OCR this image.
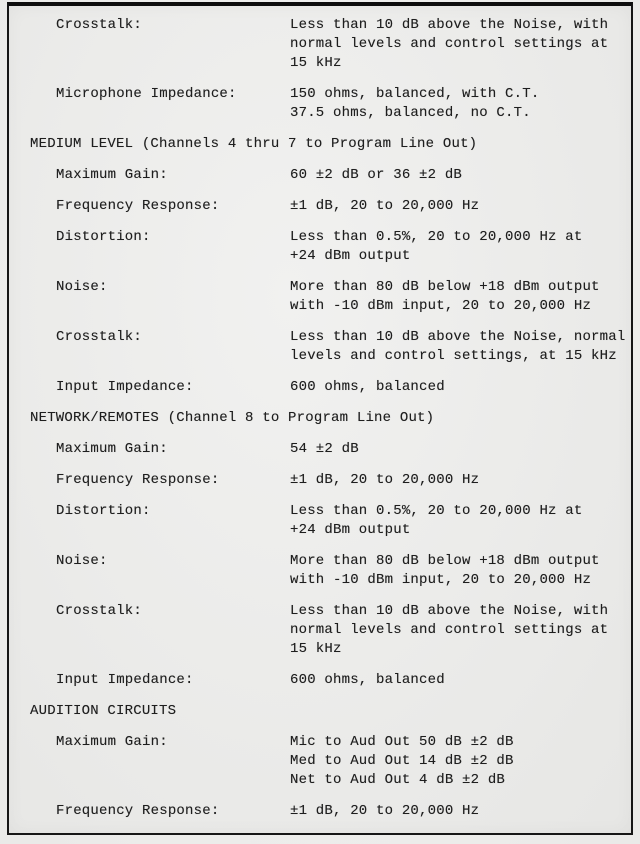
Crosstalk:	Less than 10 dB above the Noise, with
normal levels and control settings at
15 kHz
Microphone Impedance:	150 ohms, balanced, with C.T.
37.5 ohms, balanced, no C.T.
MEDIUM LEVEL (Channels 4 thru 7 to Program Line Out)
Maximum Gain:	60 ±2 dB or 36 ±2 dB
Frequency Response:	±1 dB, 20 to 20,000 Hz
Distortion:	Less than 0.5%, 20 to 20,000 Hz at
+24 dBm output
Noise:	More than 80 dB below +18 dBm output
with -10 dBm input, 20 to 20,000 Hz
Crosstalk:	Less than 10 dB above the Noise, normal
levels and control settings, at 15 kHz
Input Impedance:	600 ohms, balanced
NETWORK/REMOTES (Channel 8 to Program Line Out)
Maximum Gain:	54 ±2 dB
Frequency Response:	±1 dB, 20 to 20,000 Hz
Distortion:	Less than 0.5%, 20 to 20,000 Hz at
+24 dBm output
Noise:	More than 80 dB below +18 dBm output
with -10 dBm input, 20 to 20,000 Hz
Crosstalk:	Less than 10 dB above the Noise, with
normal levels and control settings at
15 kHz
Input Impedance:	600 ohms, balanced
AUDITION CIRCUITS
Maximum Gain:	Mic to Aud Out 50 dB ±2 dB
Med to Aud Out 14 dB ±2 dB
Net to Aud Out 4 dB ±2 dB
Frequency Response:	±1 dB, 20 to 20,000 Hz
